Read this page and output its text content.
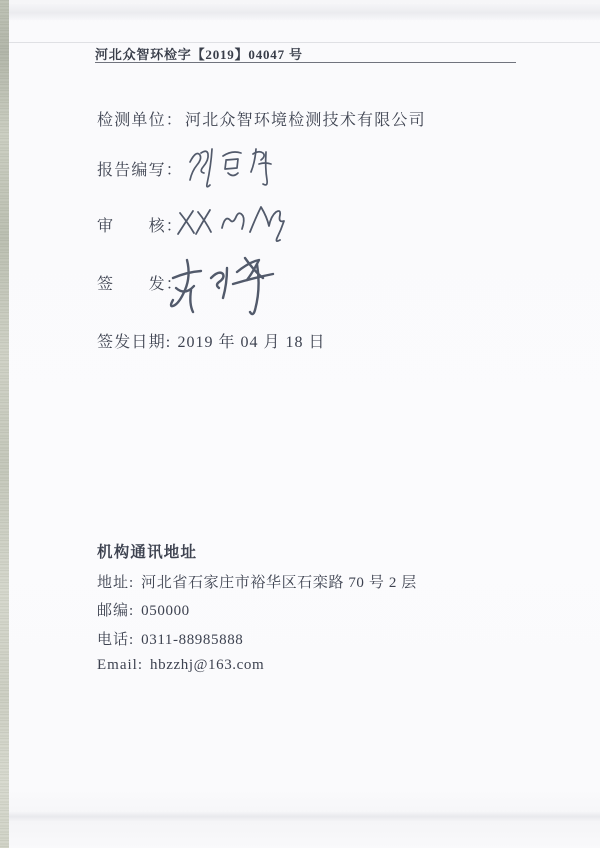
河北众智环检字【2019】04047 号
检测单位： 河北众智环境检测技术有限公司
报告编写：
审　　核：
签　　发：
签发日期: 2019 年 04 月 18 日
机构通讯地址
地址: 河北省石家庄市裕华区石栾路 70 号 2 层
邮编: 050000
电话: 0311-88985888
Email: hbzzhj@163.com
